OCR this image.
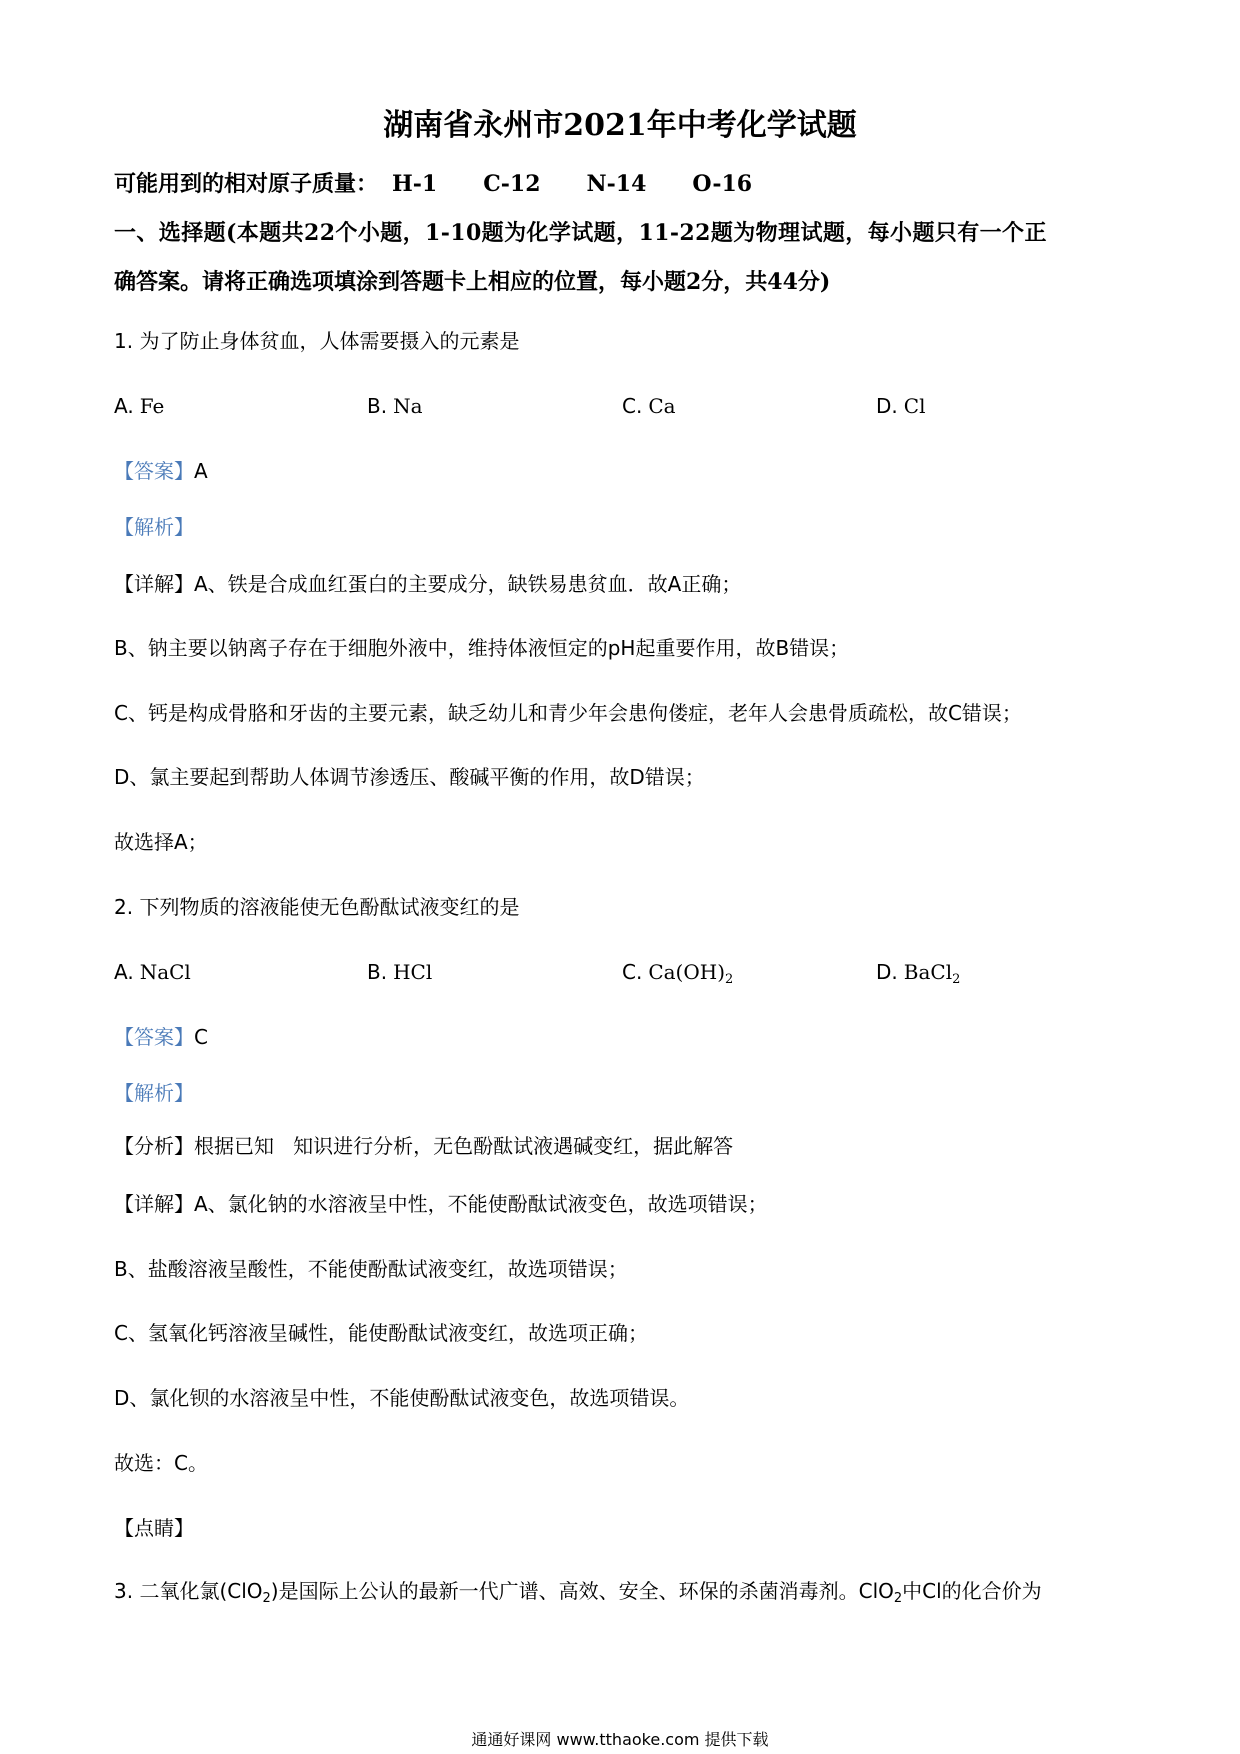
湖南省永州市2021年中考化学试题
可能用到的相对原子质量： H-1 C-12 N-14 O-16
一、选择题(本题共22个小题，1-10题为化学试题，11-22题为物理试题，每小题只有一个正
确答案。请将正确选项填涂到答题卡上相应的位置，每小题2分，共44分)
1. 为了防止身体贫血，人体需要摄入的元素是
A. Fe	B. Na	C. Ca	D. Cl
【答案】A
【解析】
【详解】A、铁是合成血红蛋白的主要成分，缺铁易患贫血．故A正确；
B、钠主要以钠离子存在于细胞外液中，维持体液恒定的pH起重要作用，故B错误；
C、钙是构成骨胳和牙齿的主要元素，缺乏幼儿和青少年会患佝偻症，老年人会患骨质疏松，故C错误；
D、氯主要起到帮助人体调节渗透压、酸碱平衡的作用，故D错误；
故选择A；
2. 下列物质的溶液能使无色酚酞试液变红的是
A. NaCl	B. HCl	C. $Ca(OH)_2$	D. BaCl$_2$
【答案】C
【解析】
【分析】根据已知   知识进行分析，无色酚酞试液遇碱变红，据此解答
【详解】A、氯化钠的水溶液呈中性，不能使酚酞试液变色，故选项错误；
B、盐酸溶液呈酸性，不能使酚酞试液变红，故选项错误；
C、氢氧化钙溶液呈碱性，能使酚酞试液变红，故选项正确；
D、氯化钡的水溶液呈中性，不能使酚酞试液变色，故选项错误。
故选：C。
【点睛】
3. 二氧化氯(ClO$_2$)是国际上公认的最新一代广谱、高效、安全、环保的杀菌消毒剂。ClO$_2$中Cl的化合价为
通通好课网 www.tthaoke.com 提供下载
